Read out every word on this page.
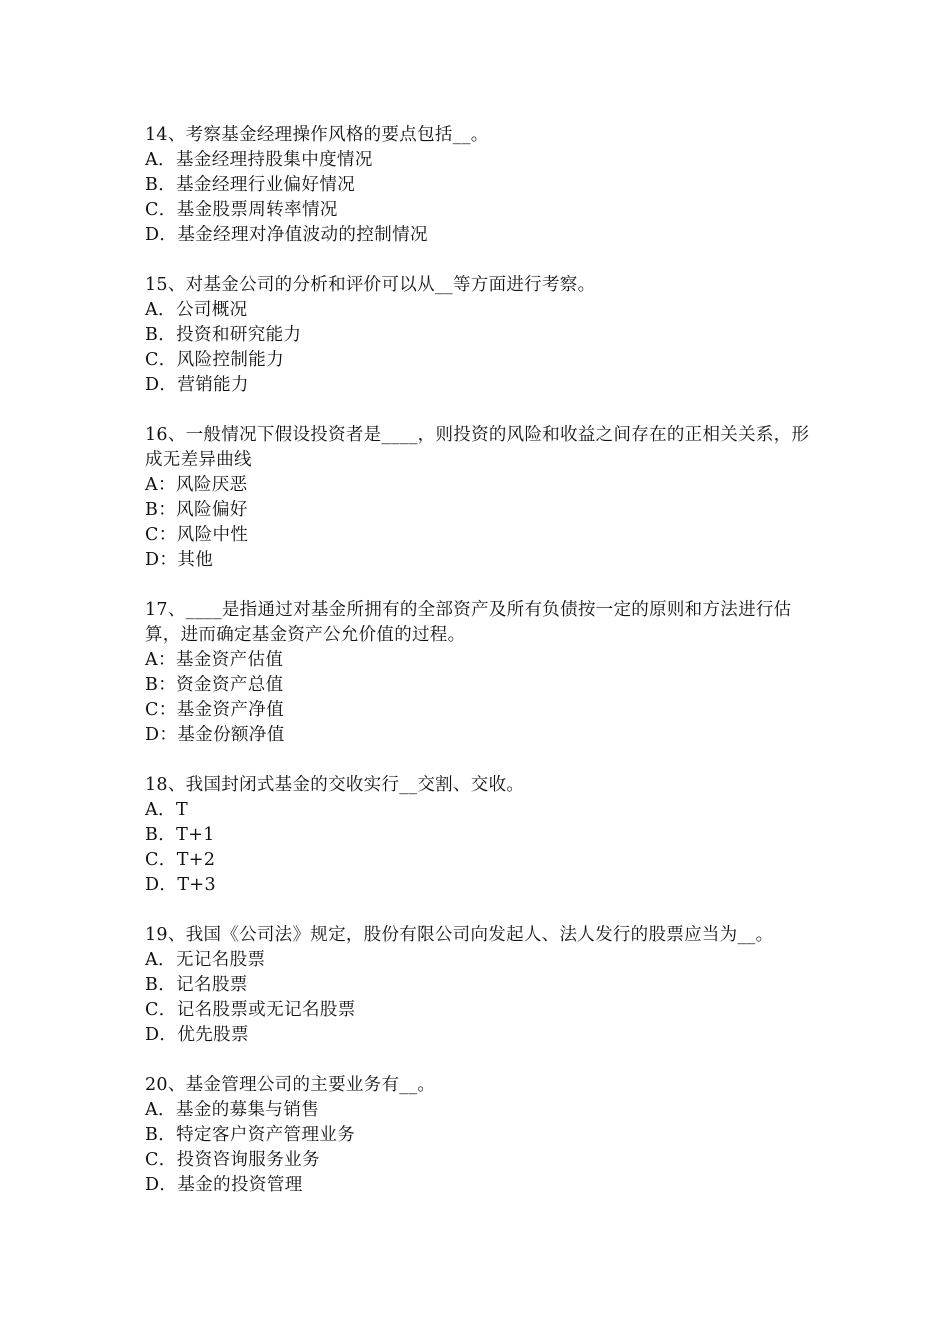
14、考察基金经理操作风格的要点包括__。

A．基金经理持股集中度情况

B．基金经理行业偏好情况

C．基金股票周转率情况

D．基金经理对净值波动的控制情况

15、对基金公司的分析和评价可以从__等方面进行考察。

A．公司概况

B．投资和研究能力

C．风险控制能力

D．营销能力

16、一般情况下假设投资者是____，则投资的风险和收益之间存在的正相关关系，形成无差异曲线

A：风险厌恶

B：风险偏好

C：风险中性

D：其他

17、____是指通过对基金所拥有的全部资产及所有负债按一定的原则和方法进行估算，进而确定基金资产公允价值的过程。

A：基金资产估值

B：资金资产总值

C：基金资产净值

D：基金份额净值

18、我国封闭式基金的交收实行__交割、交收。

A．T

B．T+1

C．T+2

D．T+3

19、我国《公司法》规定，股份有限公司向发起人、法人发行的股票应当为__。

A．无记名股票

B．记名股票

C．记名股票或无记名股票

D．优先股票

20、基金管理公司的主要业务有__。

A．基金的募集与销售

B．特定客户资产管理业务

C．投资咨询服务业务

D．基金的投资管理
